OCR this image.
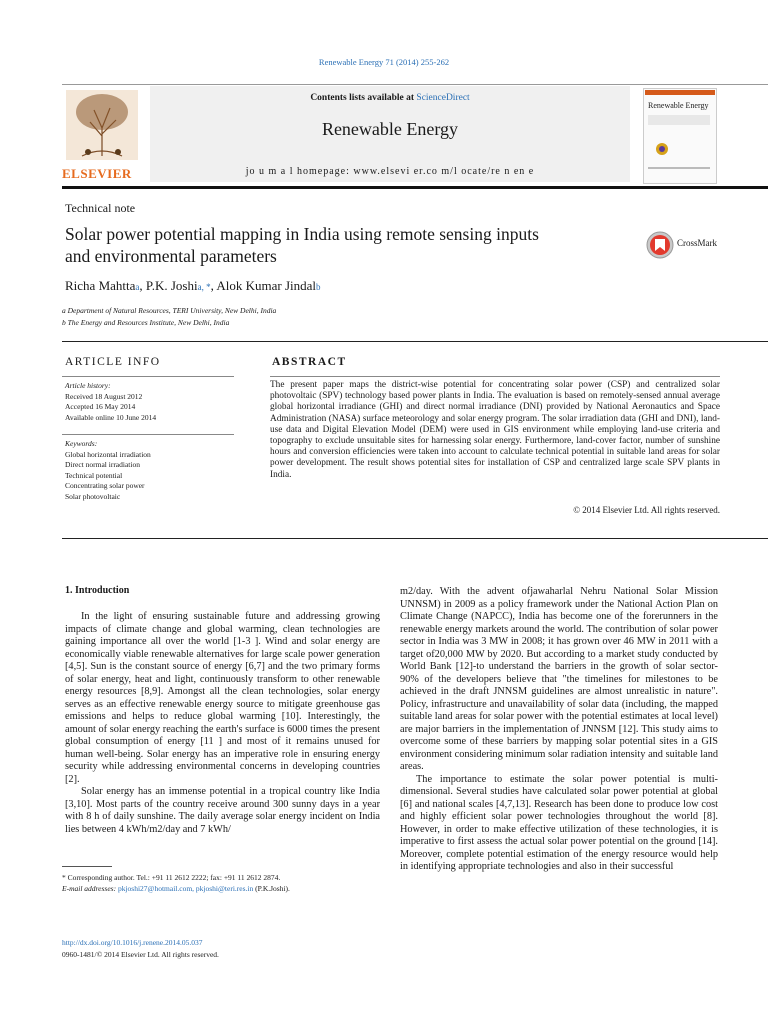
Renewable Energy 71 (2014) 255-262
Contents lists available at ScienceDirect
Renewable Energy
jo u m a l homepage: www.elsevi er.co m/l ocate/re n en e
ELSEVIER
Renewable Energy
Technical note
Solar power potential mapping in India using remote sensing inputs
and environmental parameters
CrossMark
Richa Mahttaa, P.K. Joshia, *, Alok Kumar Jindalb
a Department of Natural Resources, TERI University, New Delhi, India
b The Energy and Resources Institute, New Delhi, India
ARTICLE INFO
Article history:
Received 18 August 2012
Accepted 16 May 2014
Available online 10 June 2014
Keywords:
Global horizontal irradiation
Direct normal irradiation
Technical potential
Concentrating solar power
Solar photovoltaic
ABSTRACT
The present paper maps the district-wise potential for concentrating solar power (CSP) and centralized solar photovoltaic (SPV) technology based power plants in India. The evaluation is based on remotely-sensed annual average global horizontal irradiance (GHI) and direct normal irradiance (DNI) provided by National Aeronautics and Space Administration (NASA) surface meteorology and solar energy program. The solar irradiation data (GHI and DNI), land-use data and Digital Elevation Model (DEM) were used in GIS environment while employing land-use criteria and topography to exclude unsuitable sites for harnessing solar energy. Furthermore, land-cover factor, number of sunshine hours and conversion efficiencies were taken into account to calculate technical potential in suitable land areas for solar power development. The result shows potential sites for installation of CSP and centralized large scale SPV plants in India.
© 2014 Elsevier Ltd. All rights reserved.
1. Introduction

In the light of ensuring sustainable future and addressing growing impacts of climate change and global warming, clean technologies are gaining importance all over the world [1-3 ]. Wind and solar energy are economically viable renewable alternatives for large scale power generation [4,5]. Sun is the constant source of energy [6,7] and the two primary forms of solar energy, heat and light, continuously transform to other renewable energy resources [8,9]. Amongst all the clean technologies, solar energy serves as an effective renewable energy source to mitigate greenhouse gas emissions and helps to reduce global warming [10]. Interestingly, the amount of solar energy reaching the earth's surface is 6000 times the present global consumption of energy [11 ] and most of it remains unused for human well-being. Solar energy has an imperative role in ensuring energy security while addressing environmental concerns in developing countries [2].

Solar energy has an immense potential in a tropical country like India [3,10]. Most parts of the country receive around 300 sunny days in a year with 8 h of daily sunshine. The daily average solar energy incident on India lies between 4 kWh/m2/day and 7 kWh/

m2/day. With the advent ofjawaharlal Nehru National Solar Mission UNNSM) in 2009 as a policy framework under the National Action Plan on Climate Change (NAPCC), India has become one of the forerunners in the renewable energy markets around the world. The contribution of solar power sector in India was 3 MW in 2008; it has grown over 46 MW in 2011 with a target of20,000 MW by 2020. But according to a market study conducted by World Bank [12]-to understand the barriers in the growth of solar sector-90% of the developers believe that "the timelines for milestones to be achieved in the draft JNNSM guidelines are almost unrealistic in nature". Policy, infrastructure and unavailability of solar data (including, the mapped suitable land areas for solar power with the potential estimates at local level) are major barriers in the implementation of JNNSM [12]. This study aims to overcome some of these barriers by mapping solar potential sites in a GIS environment considering minimum solar radiation intensity and suitable land areas.

The importance to estimate the solar power potential is multi-dimensional. Several studies have calculated solar power potential at global [6] and national scales [4,7,13]. Research has been done to produce low cost and highly efficient solar power technologies throughout the world [8]. However, in order to make effective utilization of these technologies, it is imperative to first assess the actual solar power potential on the ground [14]. Moreover, complete potential estimation of the energy resource would help in identifying appropriate technologies and also in their successful

* Corresponding author. Tel.: +91 11 2612 2222; fax: +91 11 2612 2874.
E-mail addresses: pkjoshi27@hotmail.com, pkjoshi@teri.res.in (P.K.Joshi).
http://dx.doi.org/10.1016/j.renene.2014.05.037
0960-1481/© 2014 Elsevier Ltd. All rights reserved.
